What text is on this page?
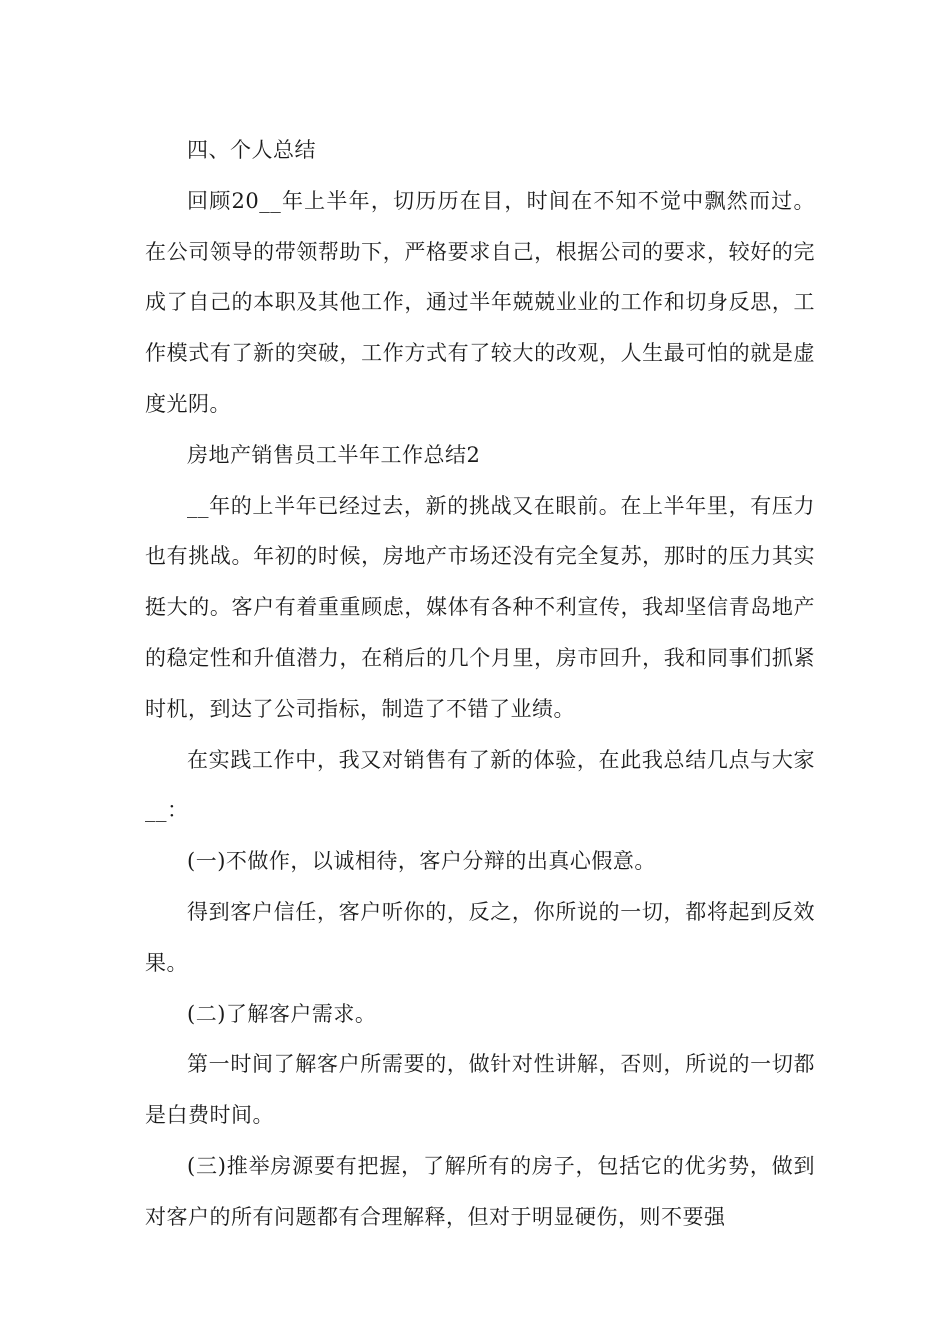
四、个人总结

回顾20__年上半年，切历历在目，时间在不知不觉中飘然而过。在公司领导的带领帮助下，严格要求自己，根据公司的要求，较好的完成了自己的本职及其他工作，通过半年兢兢业业的工作和切身反思，工作模式有了新的突破，工作方式有了较大的改观，人生最可怕的就是虚度光阴。

房地产销售员工半年工作总结2

__年的上半年已经过去，新的挑战又在眼前。在上半年里，有压力也有挑战。年初的时候，房地产市场还没有完全复苏，那时的压力其实挺大的。客户有着重重顾虑，媒体有各种不利宣传，我却坚信青岛地产的稳定性和升值潜力，在稍后的几个月里，房市回升，我和同事们抓紧时机，到达了公司指标，制造了不错了业绩。

在实践工作中，我又对销售有了新的体验，在此我总结几点与大家__：

(一)不做作，以诚相待，客户分辩的出真心假意。

得到客户信任，客户听你的，反之，你所说的一切，都将起到反效果。

(二)了解客户需求。

第一时间了解客户所需要的，做针对性讲解，否则，所说的一切都是白费时间。

(三)推举房源要有把握，了解所有的房子，包括它的优劣势，做到对客户的所有问题都有合理解释，但对于明显硬伤，则不要强
